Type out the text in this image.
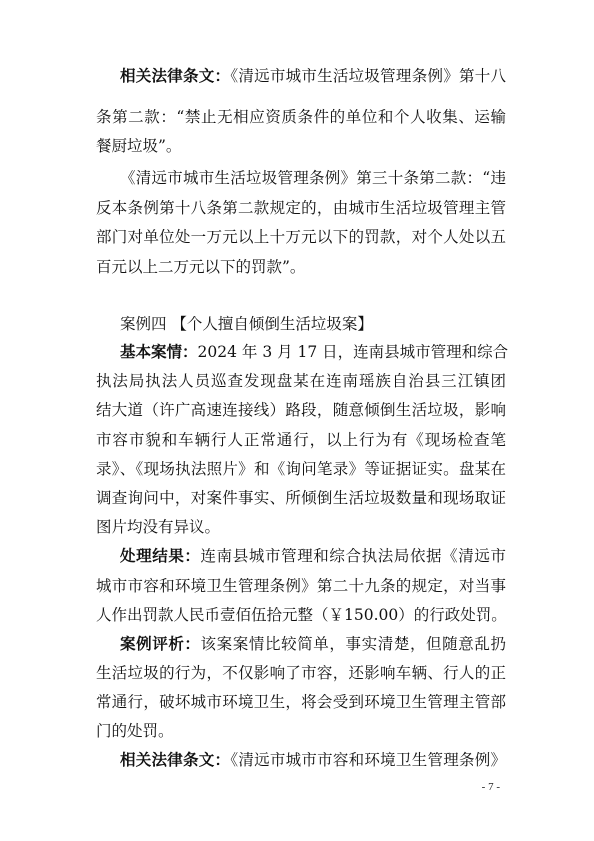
相关法律条文：《清远市城市生活垃圾管理条例》第十八
条第二款：“禁止无相应资质条件的单位和个人收集、运输
餐厨垃圾”。
《清远市城市生活垃圾管理条例》第三十条第二款：“违
反本条例第十八条第二款规定的，由城市生活垃圾管理主管
部门对单位处一万元以上十万元以下的罚款，对个人处以五
百元以上二万元以下的罚款”。
案例四 【个人擅自倾倒生活垃圾案】
基本案情：2024 年 3 月 17 日，连南县城市管理和综合
执法局执法人员巡查发现盘某在连南瑶族自治县三江镇团
结大道（许广高速连接线）路段，随意倾倒生活垃圾，影响
市容市貌和车辆行人正常通行，以上行为有《现场检查笔
录》、《现场执法照片》和《询问笔录》等证据证实。盘某在
调查询问中，对案件事实、所倾倒生活垃圾数量和现场取证
图片均没有异议。
处理结果：连南县城市管理和综合执法局依据《清远市
城市市容和环境卫生管理条例》第二十九条的规定，对当事
人作出罚款人民币壹佰伍拾元整（￥150.00）的行政处罚。
案例评析：该案案情比较简单，事实清楚，但随意乱扔
生活垃圾的行为，不仅影响了市容，还影响车辆、行人的正
常通行，破坏城市环境卫生，将会受到环境卫生管理主管部
门的处罚。
相关法律条文：《清远市城市市容和环境卫生管理条例》
- 7 -
